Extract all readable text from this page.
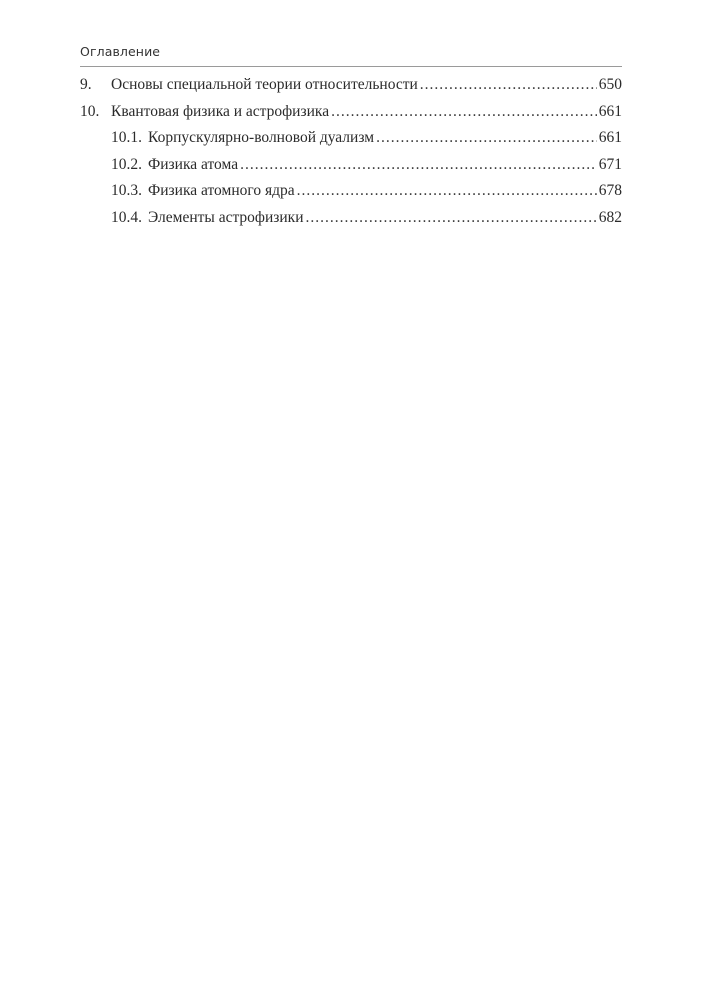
Оглавление
9.	Основы специальной теории относительности .....	650
10. Квантовая физика и астрофизика .....	661
10.1. Корпускулярно-волновой дуализм .....	661
10.2. Физика атома .....	671
10.3. Физика атомного ядра .....	678
10.4. Элементы астрофизики .....	682
